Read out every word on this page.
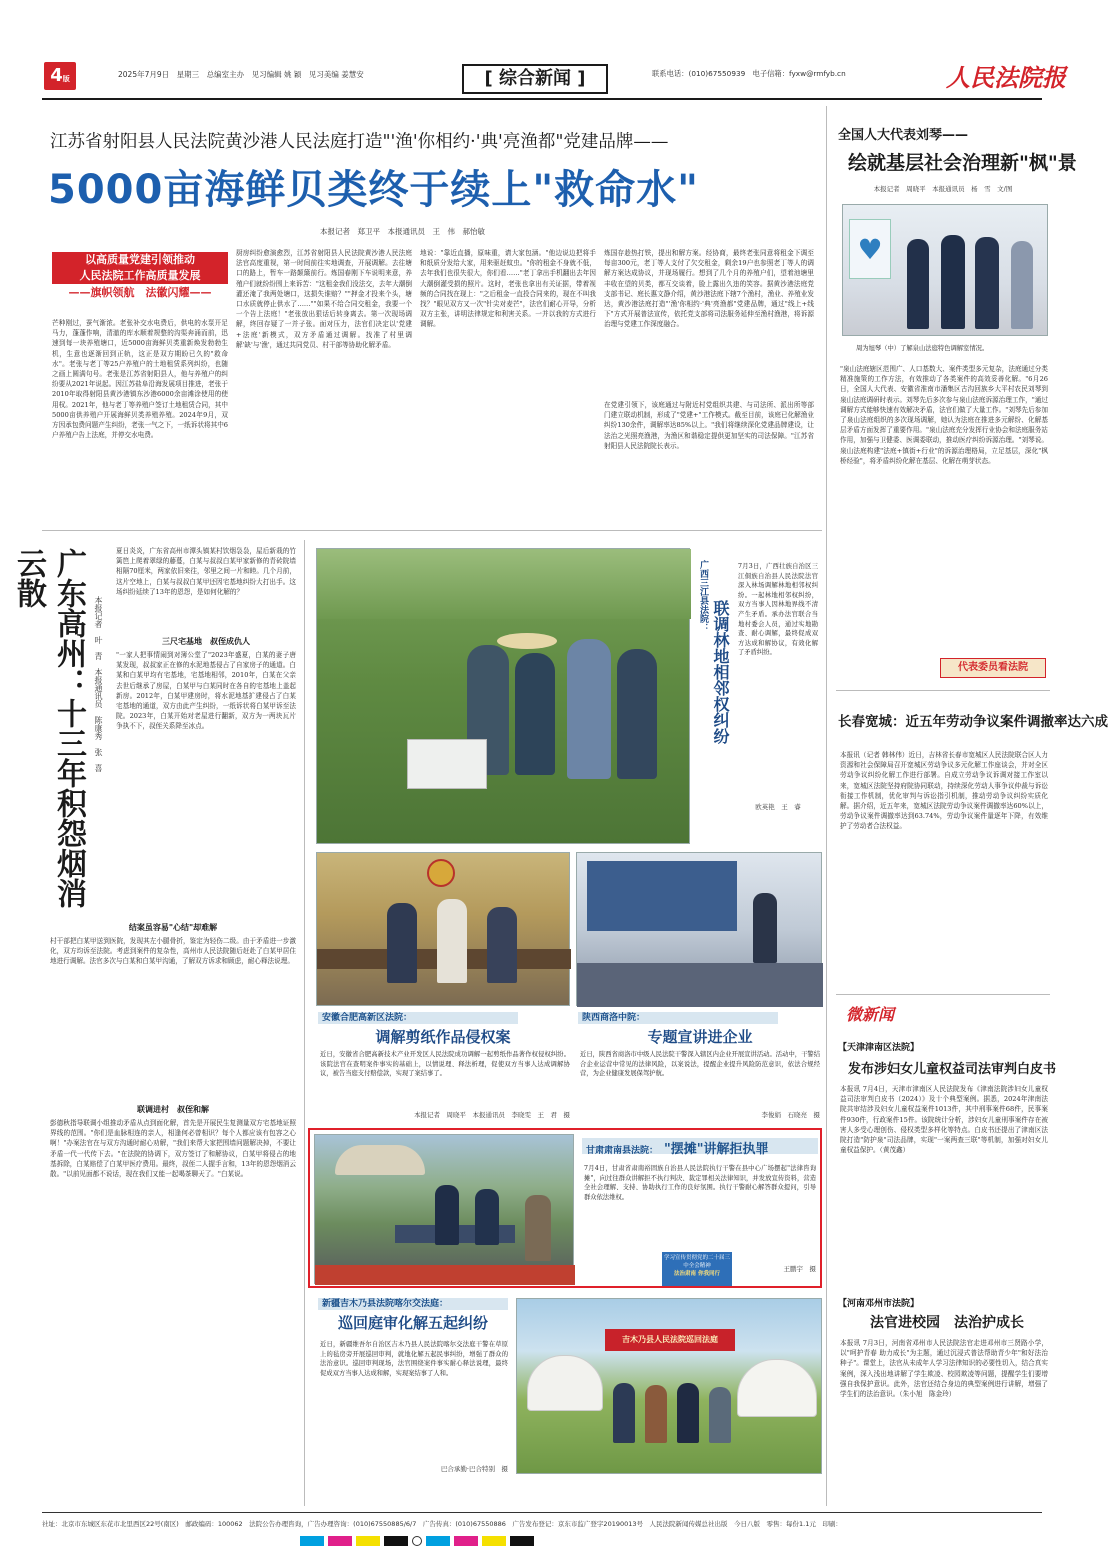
4版	2025年7月9日　星期三　总编室主办　见习编辑 姚 颖　见习美编 姜慧安	[ 综合新闻 ]	联系电话：(010)67550939　电子信箱：fyxw@rmfyb.cn	人民法院报
江苏省射阳县人民法院黄沙港人民法庭打造"'渔'你相约·'典'亮渔都"党建品牌——
5000亩海鲜贝类终于续上"救命水"
本报记者　郑卫平　本报通讯员　王　伟　郝怡敏
以高质量党建引领推动
人民法院工作高质量发展
——旗帜领航　法徽闪耀——
芒种刚过，蚕气渐浓。老张补交水电费后，供电的水泵开足马力，蓬蓬作响，清澈的库水顺着规整的沟渠奔涌而前，迅速到每一块养殖塘口，近5000亩海鲜贝类重新焕发勃勃生机，生意也逐渐回到正轨，这正是双方期盼已久的"救命水"。老张与老丁等25户养殖户的土地租赁系列纠纷，也随之画上圆满句号。老张是江苏省射阳县人，他与养殖户的纠纷要从2021年说起。因江苏盐阜沿海发展项目推进，老张于2010年取得射阳县黄沙港镇东沙港6000余亩滩涂使用的使用权。2021年，他与老丁等养殖户签订土地租赁合同，其中5000亩供养殖户开展海鲜贝类养殖养殖。2024年9月，双方因承包费问题产生纠纷，老张一气之下，一纸诉状将其中6户养殖户告上法庭，并停交水电费。
厨房纠纷愈演愈烈，江苏省射阳县人民法院黄沙港人民法庭法官高度重视，第一时间前往实地调查，开展调解。去往塘口的路上，暂车一路颠簸前行。炼国春刚下车说明来意，养殖户们就纷纷围上来诉苦："这租金我们没法交，去年大潮倒灌还淹了我两处塘口，这损失谁赔？""押金才投来个头，塘口水质就停止供水了……""如果不给合同交租金，我要一个一个告上法庭！"老张放出狠话后转身离去。第一次现场调解，终回存疑了一并子张。面对压力，法官们决定以'党建+法庭'新模式，双方矛盾通过调解。找准了村里调解'缺'与'渔'，通过共同党员、村干部等协助化解矛盾。
地说："靠近直播，原味重，请大家包涵。"他边说边把将手和纸质分发给大家，用来驱赶蚊虫。"你的租金不身就不低，去年我们也很失很大，你们看……"老丁拿出手机翻出去年因大潮倒灌受损的照片。这时，老张也拿出有关证据，带着视频的合同找在现上："之后租金一直投合同来的，现在不叫我找？"眼见双方又一次"针尖对麦芒"，法官们耐心开导，分析双方主张，讲明法律规定和利害关系。一并以我的方式进行调解。
炼国存趁热打铁，提出和解方案。经协商，最终老张同意将租金下调至每亩300元，老丁等人支付了欠交租金，剩余19户也参照老丁等人的调解方案达成协议，并现场履行。想到了几个月的养殖户们，望着池塘里丰收在望的贝类，都互交谈着，脸上露出久违的笑容。据黄沙港法庭党支部书记、庭长惠文静介绍，黄沙港法庭下辖7个渔村，渔业、养殖业发达，黄沙港法庭打造"'渔'你相约·'典'亮渔都"党建品牌，通过"线上+线下"方式开展普法宣传，依托党支部将司法服务延伸至渔村渔港，将诉源治理与党建工作深度融合。
在党建引领下，该庭通过与附近村党组织共建、与司法所、派出所等部门建立联动机制，形成了"党建+"工作模式。截至目前，该庭已化解渔业纠纷130余件，调解率达85%以上。"我们将继续深化党建品牌建设，让法治之光照亮渔港，为渔区和谐稳定提供更加坚实的司法保障。"江苏省射阳县人民法院院长表示。
全国人大代表刘琴——
绘就基层社会治理新"枫"景
本报记者　周晓平　本报通讯员　杨　雪　文/图
♥
周为旭琴（中）了解泉山法庭特色调解室情况。
"泉山法庭辖区范围广、人口基数大、案件类型多元复杂，法庭通过分类精准施策的工作方法，有效推动了各类案件的高效妥善化解。"6月26日，全国人大代表、安徽省淮南市潘集区古沟回族乡大平村农民刘琴到泉山法庭调研时表示。刘琴先后多次参与泉山法庭诉源治理工作，"通过调解方式能够快速有效解决矛盾，法官们做了大量工作。"刘琴先后参加了泉山法庭组织的多次现场调解，她认为法庭在推进多元解纷、化解基层矛盾方面发挥了重要作用。"泉山法庭充分发挥行业协会和法庭服务站作用，加强与卫健委、医调委联动，推动医疗纠纷诉源治理。"刘琴说。泉山法庭构建"法庭+镇街+行业"的诉源治理格局，立足基层，深化"枫桥经验"，将矛盾纠纷化解在基层、化解在萌芽状态。
代表委员看法院
长春宽城：近五年劳动争议案件调撤率达六成
本报讯（记者 韩林伟）近日，吉林省长春市宽城区人民法院联合区人力资源和社会保障局召开宽城区劳动争议多元化解工作座谈会，并对全区劳动争议纠纷化解工作进行部署。自成立劳动争议诉调对接工作室以来，宽城区法院坚持府院协同联动，持续深化劳动人事争议仲裁与诉讼衔接工作机制，优化审判与诉讼指引机制，推动劳动争议纠纷实质化解。据介绍，近五年来，宽城区法院劳动争议案件调撤率达60%以上，劳动争议案件调撤率达到63.74%，劳动争议案件量逐年下降，有效维护了劳动者合法权益。
微新闻
【天津津南区法院】
发布涉妇女儿童权益司法审判白皮书
本报讯 7月4日，天津市津南区人民法院发布《津南法院涉妇女儿童权益司法审判白皮书（2024）》及十个典型案例。据悉，2024年津南法院共审结涉及妇女儿童权益案件1013件，其中刑事案件68件，民事案件930件，行政案件15件。该院统计分析，涉妇女儿童刑事案件存在被害人多受心理创伤、侵权类型多样化等特点。白皮书还提出了津南区法院打造"防护泉"司法品牌，实现"一案两查三联"等机制，加强对妇女儿童权益保护。（黄茂鑫）
【河南邓州市法院】
法官进校园　法治护成长
本报讯 7月3日，河南省邓州市人民法院法官走进邓州市三贤路小学，以"呵护青春 助力成长"为主题，通过沉浸式普法帮助青少年"和好法治种子"。课堂上，法官从未成年人学习法律知识的必要性切入，结合真实案例，深入浅出地讲解了学生欺凌、校园欺凌等问题，提醒学生们要增强自我保护意识。此外，法官还结合身边的典型案例进行讲解，增强了学生们的法治意识。（朱小旭　陈金玲）
广东高州：十三年积怨烟消云散
本报记者　叶　青　本报通讯员　陈康秀　张　喜
夏日炎炎，广东省高州市潭头镇某村饮烟袅袅，屋后新栽的竹篱笆上爬着翠绿的藤蔓，白某与叔叔白某甲家新修的青砖院墙相隔70厘米，两家依旧来往，邻里之间一片和睦。几个月前，这片空地上，白某与叔叔白某甲还因宅基地纠纷大打出手。这场纠纷延续了13年的恩怨，是如何化解的？
三尺宅基地　叔侄成仇人
"一家人把事情闹到对簿公堂了"2023年盛夏，白某的妻子唐某发现，叔叔家正在修的水泥地基侵占了自家房子的通道。白某和白某甲均有宅基地，宅基地相邻，2010年，白某在父亲去世后继承了房屋，白某甲与白某同时在各自的宅基地上盖起新房。2012年，白某甲建房时，将水泥地基扩建侵占了白某宅基地的通道，双方由此产生纠纷，一纸诉状将白某甲诉至法院。2023年，白某开始对老屋进行翻新，双方为一两块瓦片争执不下，叔侄关系降至冰点。
结案虽容易"心结"却难解
村干部把白某甲送到医院，发现其左小腿骨折，鉴定为轻伤二级。由于矛盾进一步激化，双方均诉至法院。考虑到案件的复杂性，高州市人民法院随后赶赴了白某甲居住地进行调解。法官多次与白某和白某甲沟通，了解双方诉求和顾虑，耐心释法说理。
联调进村　叔侄和解
彭德秋指导联调小组推动矛盾从点到面化解，首先是开展民生复测量双方宅基地证照界线的范围。"你们是血脉相连的亲人，相逢何必曾相识？每个人都应该有包容之心啊！"办案法官在与双方沟通时耐心劝解，"我们来帮大家把围墙问题解决掉，不要让矛盾一代一代传下去。"在法院的协调下，双方签订了和解协议，白某甲将侵占的地基拆除，白某赔偿了白某甲医疗费用。最终，叔侄二人握手言和，13年的恩怨烟消云散。"以前见面都不说话，现在我们又能一起喝茶聊天了。"白某说。
广西三江县法院：
联调林地相邻权纠纷
7月3日，广西壮族自治区三江侗族自治县人民法院法官深入林场调解林地相邻权纠纷。一起林地相邻权纠纷，双方当事人因林地界线不清产生矛盾。承办法官联合当地村委会人员，通过实地勘查、耐心调解，最终促成双方达成和解协议，有效化解了矛盾纠纷。
欧英艳　王　睿
安徽合肥高新区法院：
调解剪纸作品侵权案
近日，安徽省合肥高新技术产业开发区人民法院成功调解一起剪纸作品著作权侵权纠纷。该院法官在查明案件事实的基础上，以情说理、释法析理，促使双方当事人达成调解协议，被告当庭支付赔偿款，实现了案结事了。
本报记者　周晓平　本报通讯员　李晓雯　王　君　摄
陕西商洛中院：
专题宣讲进企业
近日，陕西省商洛市中级人民法院干警深入辖区内企业开展宣讲活动。活动中，干警结合企业运营中常见的法律风险，以案说法，提醒企业提升风险防范意识，依法合规经营，为企业健康发展保驾护航。
李俊娟　石晓亮　摄
甘肃肃南县法院： "摆摊"讲解拒执罪
7月4日，甘肃省肃南裕固族自治县人民法院执行干警在县中心广场摆起"法律咨询摊"，向过往群众讲解拒不执行判决、裁定罪相关法律知识，并发放宣传资料，营造全社会理解、支持、协助执行工作的良好氛围。执行干警耐心解答群众提问，引导群众依法维权。
王鹏宇　摄
学习宣传贯彻党的二十届三中全会精神
法治肃南 你我同行
新疆吉木乃县法院喀尔交法庭：
巡回庭审化解五起纠纷
近日，新疆维吾尔自治区吉木乃县人民法院喀尔交法庭干警在草原上的毡房旁开展巡回审判，就地化解五起民事纠纷，增强了群众的法治意识。巡回审判现场，法官围绕案件事实耐心释法说理，最终促成双方当事人达成和解，实现案结事了人和。
巴合承勤·巴合特别　摄
吉木乃县人民法院巡回法庭
社址：北京市东城区东花市北里西区22号(南区)　邮政编码：100062　法院公告办理咨询，广告办理咨询：(010)67550885/6/7　广告传真：(010)67550886　广告发布登记：京东市监广登字20190013号　人民法院新闻传媒总社出版　今日八版　零售：每份1.1元　印刷：
